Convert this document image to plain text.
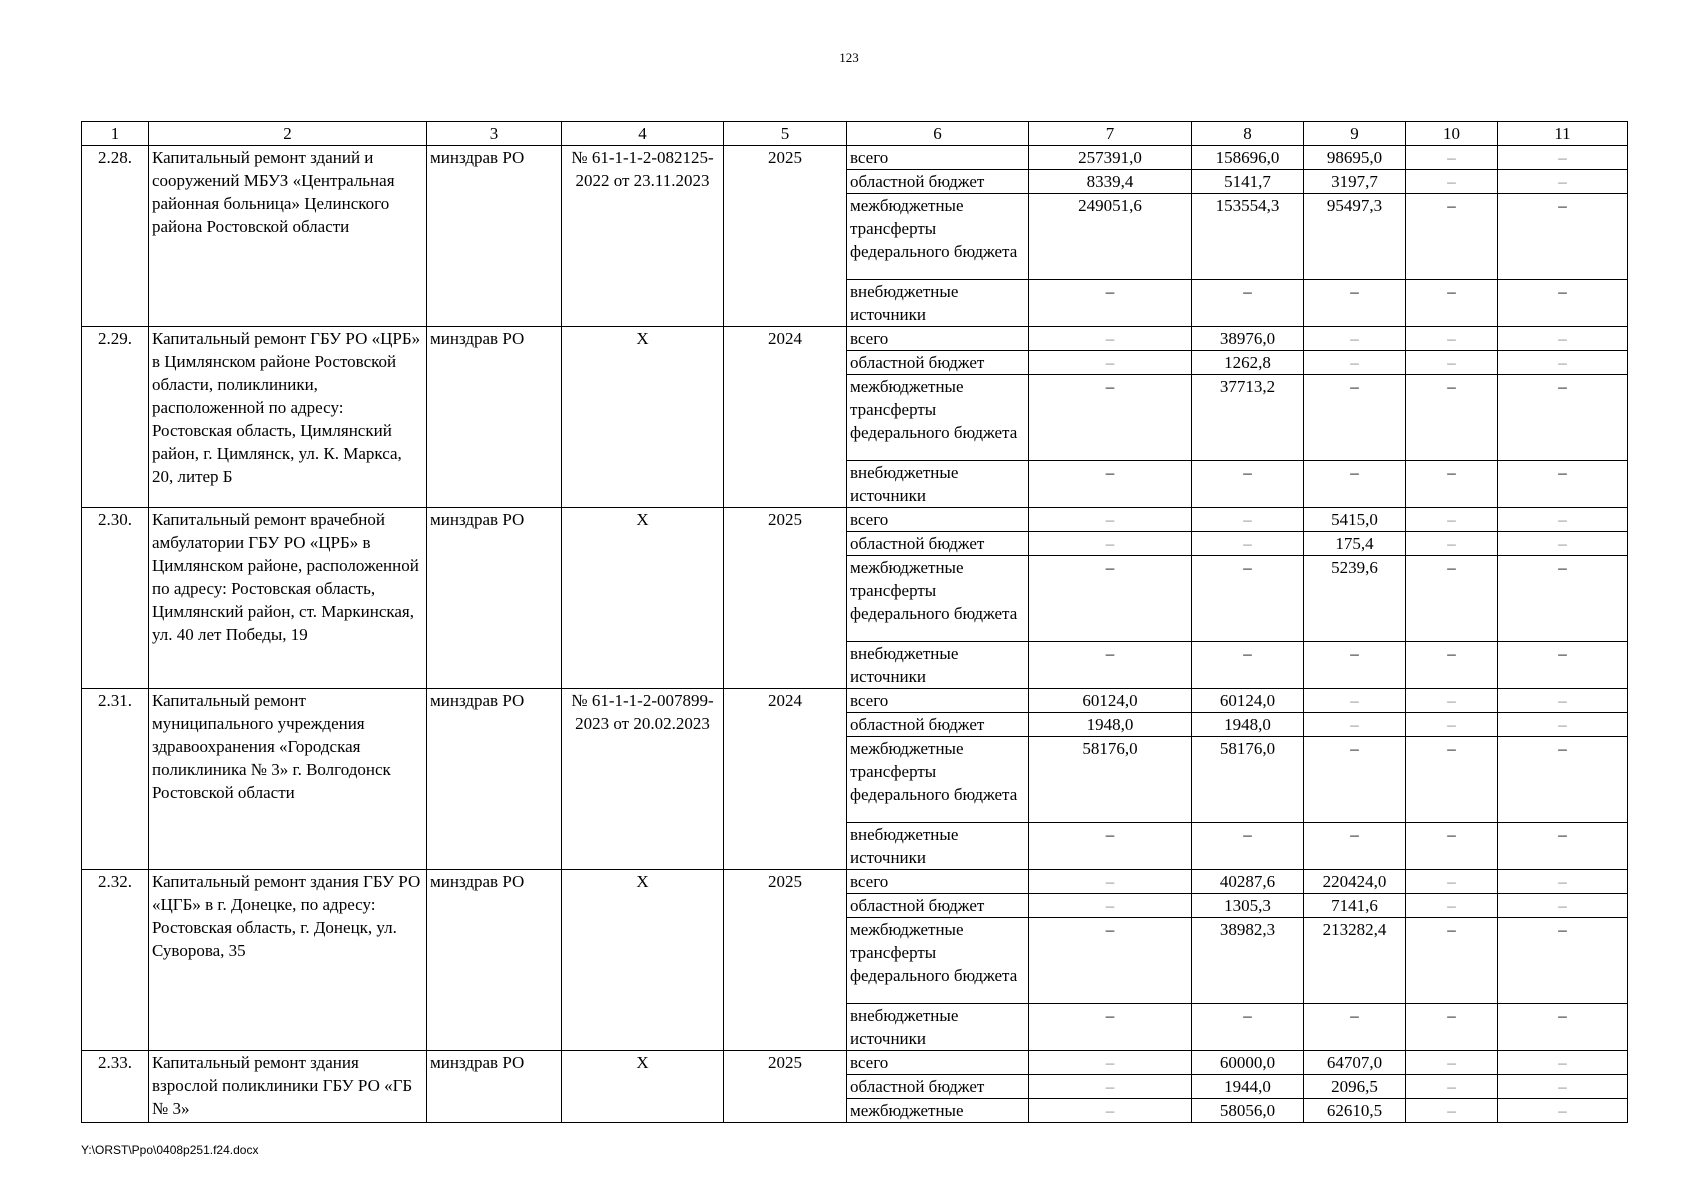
123
1	2	3	4	5	6	7	8	9	10	11
2.28.	Капитальный ремонт зданий и сооружений МБУЗ «Центральная районная больница» Целинского района Ростовской области	минздрав РО	№ 61-1-1-2-082125-2022 от 23.11.2023	2025	всего	257391,0	158696,0	98695,0	–	–
					областной бюджет	8339,4	5141,7	3197,7	–	–
					межбюджетные трансферты федерального бюджета	249051,6	153554,3	95497,3	–	–
					внебюджетные источники	–	–	–	–	–
2.29.	Капитальный ремонт ГБУ РО «ЦРБ» в Цимлянском районе Ростовской области, поликлиники, расположенной по адресу: Ростовская область, Цимлянский район, г. Цимлянск, ул. К. Маркса, 20, литер Б	минздрав РО	Х	2024	всего	–	38976,0	–	–	–
					областной бюджет	–	1262,8	–	–	–
					межбюджетные трансферты федерального бюджета	–	37713,2	–	–	–
					внебюджетные источники	–	–	–	–	–
2.30.	Капитальный ремонт врачебной амбулатории ГБУ РО «ЦРБ» в Цимлянском районе, расположенной по адресу: Ростовская область, Цимлянский район, ст. Маркинская, ул. 40 лет Победы, 19	минздрав РО	Х	2025	всего	–	–	5415,0	–	–
					областной бюджет	–	–	175,4	–	–
					межбюджетные трансферты федерального бюджета	–	–	5239,6	–	–
					внебюджетные источники	–	–	–	–	–
2.31.	Капитальный ремонт муниципального учреждения здравоохранения «Городская поликлиника № 3» г. Волгодонск Ростовской области	минздрав РО	№ 61-1-1-2-007899-2023 от 20.02.2023	2024	всего	60124,0	60124,0	–	–	–
					областной бюджет	1948,0	1948,0	–	–	–
					межбюджетные трансферты федерального бюджета	58176,0	58176,0	–	–	–
					внебюджетные источники	–	–	–	–	–
2.32.	Капитальный ремонт здания ГБУ РО «ЦГБ» в г. Донецке, по адресу: Ростовская область, г. Донецк, ул. Суворова, 35	минздрав РО	Х	2025	всего	–	40287,6	220424,0	–	–
					областной бюджет	–	1305,3	7141,6	–	–
					межбюджетные трансферты федерального бюджета	–	38982,3	213282,4	–	–
					внебюджетные источники	–	–	–	–	–
2.33.	Капитальный ремонт здания взрослой поликлиники ГБУ РО «ГБ № 3»	минздрав РО	Х	2025	всего	–	60000,0	64707,0	–	–
					областной бюджет	–	1944,0	2096,5	–	–
					межбюджетные	–	58056,0	62610,5	–	–
Y:\ORST\Ppo\0408p251.f24.docx
